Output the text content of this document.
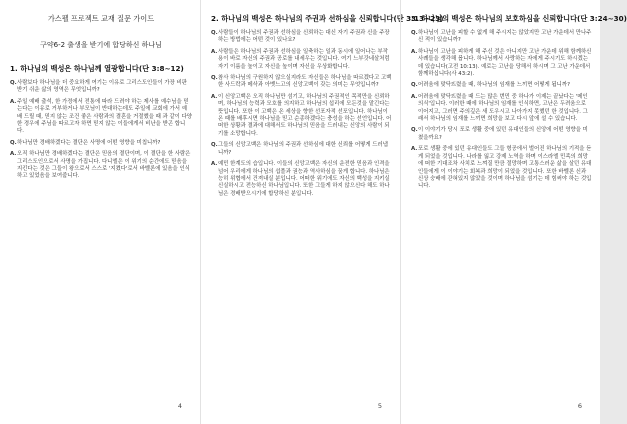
가스펠 프로젝트 교재 질문 가이드
구약6-2 출생을 받기에 합당하신 하나님
1. 하나님의 백성은 하나님께 열광합니다(단 3:8~12)
Q. 사람보다 하나님을 더 중요하게 여기는 이유로 그리스도인들이 가장 비판받기 쉬운 삶의 영역은 무엇입니까?
A. 주일 예배 출석, 한 가정에서 전통에 따라 드려야 하는 제사를 예수님을 믿는다는 이유로 거부하거나 부모님이 반대하는데도 주일에 교회에 가서 예배 드릴 때, 믿지 않는 조건 좋은 사람과의 결혼을 거절했을 때 과 같이 다양한 경우에 주님을 따르고자 하면 믿지 않는 이들에게서 비난을 받곤 합니다.
Q. 하나님만 경배하겠다는 결단은 사명에 어떤 영향을 미칩니까?
A. 오직 하나님만 경배하겠다는 결단은 믿음의 결단이며, 이 결단을 한 사람은 그리스도인으로서 사명을 가집니다. 다니엘은 이 위기의 순간에도 믿음을 지킨다는 것은 그들이 왕으로서 스스로 '지켰다'로서 바벨론에 있음을 인식하고 있었음을 보여줍니다.
4
2. 하나님의 백성은 하나님의 주권과 선하심을 신뢰합니다(단 3:13~23)
Q. 사람들이 하나님의 주권과 선하심을 신뢰하는 대신 자기 주권과 신을 주장하는 방법에는 어떤 것이 있나요?
A. 사람들은 하나님의 주권과 선하심을 일축하는 일과 동시에 일어나는 부작용이 바로 자신의 주권과 공로를 내세우는 것입니다. 여기 느부갓네살처럼 자기 이름을 높이고 자신을 높이며 자신을 우상화합니다.
Q. 참사 하나님의 구원하지 않으실지라도 자신들은 하나님을 따르겠다고 고백한 사드락과 메삭과 아벳느고의 신앙고백이 갖는 의미는 무엇입니까?
A. 이 신앙고백은 오직 하나님만 섬기고, 하나님의 주권적인 목적만을 신뢰하며, 하나님의 능력과 모호를 의지하고 하나님의 섭리에 모든것을 맡긴다는 뜻입니다. 또한 이 고백은 온 세상을 향한 선포자적 선포입니다. 하나님이 온 때를 배후시면 하나님을 믿고 순종하겠다는 충성을 하는 선언입니다. 어떠한 상황과 결과에 대해서도 하나님의 믿음을 드러내는 신앙의 사람이 되기를 소망합니다.
Q. 그들의 신앙고백은 하나님의 주권과 선하심에 대한 신뢰를 어떻게 드러냅니까?
A. 예민 한계도의 습입니다. 이들의 신앙고백은 자신의 운전한 믿음과 인격을 넘어 우리에게 하나님의 섭풀과 권능과 역사하심을 꿈게 합니다. 하나님은 능히 위협에서 건져내실 분입니다. 어떠한 위기에도 자신의 백성을 지키실 신실하시고 전능하신 하나님입니다. 또한 그들게 하지 않으신다 해도 하나님은 경배받으시기에 합당하신 분입니다.
5
3. 하나님의 백성은 하나님의 보호하심을 신뢰합니다(단 3:24~30)
Q. 하나님이 고난을 피할 수 없게 해 주시지는 않았지만 고난 가운데서 만나주신 적이 있습니까?
A. 하나님이 고난을 피하게 해 주신 것은 아니지만 고난 가운데 위해 함께하신 사례들을 생각해 봅니다. 하나님께서 사랑하는 자에게 주시기도 하시겠는데 있습니다(고전 10:13). 예로는 고난을 당해서 하시며 그 고난 가운데서 함께하십니다(사 43:2).
Q. 어려움에 맞닥뜨렸을 때, 하나님의 임재를 느끼면 어떻게 됩니까?
A. 어려움에 맞닥뜨렸을 때 드는 많은 번민 중 하나가 이제는 끝났다는 '메인 의식'입니다. 이러한 때에 하나님의 임재를 인식하면, 고난은 두려움으로 이어지고, 그러면 주의깊은 새 도우시고 나아가지 못했던 한 것입니다. 그래서 하나님의 임재를 느끼면 희망을 보고 다시 앞에 설 수 있습니다.
Q. 이 이야기가 당시 포로 생활 중에 있던 유대인들의 신앙에 어떤 영향을 미쳤을까요?
A. 포로 생활 중에 있던 유대인들도 그들 형공에서 벌어진 하나님의 기적을 듣게 되었을 것입니다. 나라를 잃고 강제 노역을 하며 이스라엘 민족의 희망에 떠한 기대조차 사치로 느껴질 만큼 절망하며 고통스러운 삶을 살던 유대인들에게 이 이야기는 회복과 희망이 되었을 것입니다. 또한 바벨론 신과 신상 숭배에 갇혀있지 않았을 것이며 하나님을 섬기는 데 힘써야 하는 것입니다.
6
